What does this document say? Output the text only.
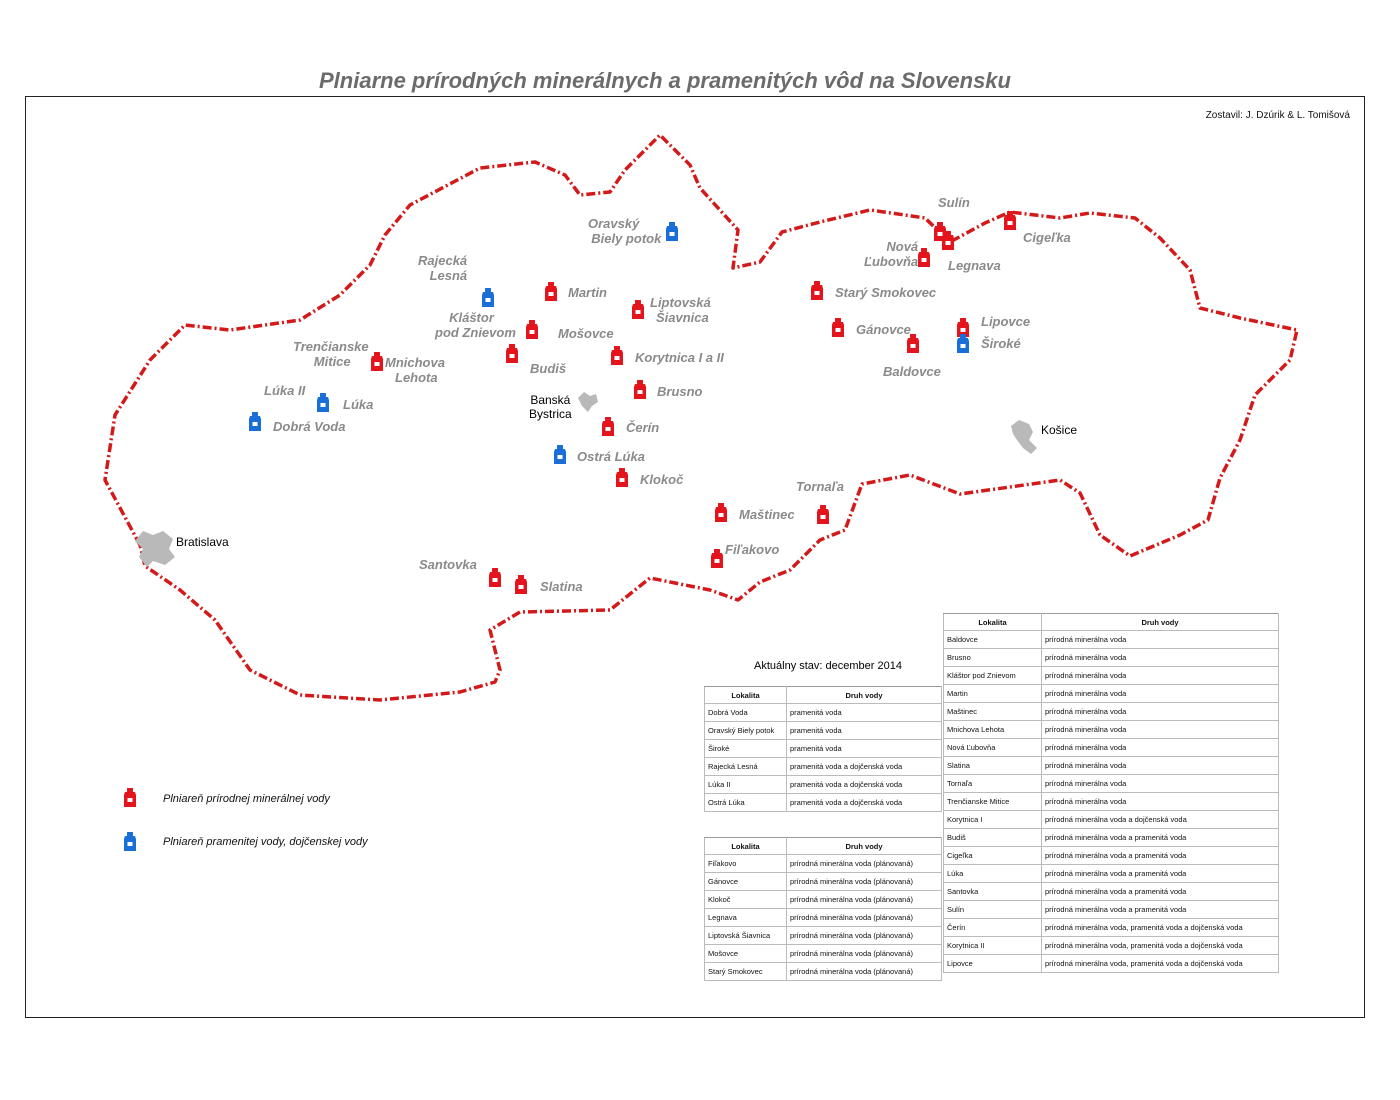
Plniarne prírodných minerálnych a pramenitých vôd na Slovensku
Zostavil: J. Dzúrik & L. Tomišová
Oravský
Biely potok
Rajecká
Lesná
Martin
Liptovská
Šiavnica
Kláštor
pod Znievom	Mošovce
Trenčianske
Mitice	Mnichova
Lehota
Budiš
Korytnica I a II
Brusno
Lúka II
Lúka
Dobrá Voda	Čerín
Ostrá Lúka
Klokoč
Sulín
Cigeľka
Nová
Ľubovňa Legnava
Starý Smokovec
Gánovce
Lipovce
Široké
Baldovce
Tornaľa
Maštinec
Fiľakovo
Santovka
Slatina
Bratislava
Banská
Bystrica
Košice
Aktuálny stav: december 2014
Lokalita	Druh vody
Dobrá Voda	pramenitá voda
Oravský Biely potok	pramenitá voda
Široké	pramenitá voda
Rajecká Lesná	pramenitá voda a dojčenská voda
Lúka II	pramenitá voda a dojčenská voda
Ostrá Lúka	pramenitá voda a dojčenská voda
Lokalita	Druh vody
Fiľakovo	prírodná minerálna voda (plánovaná)
Gánovce	prírodná minerálna voda (plánovaná)
Klokoč	prírodná minerálna voda (plánovaná)
Legnava	prírodná minerálna voda (plánovaná)
Liptovská Šiavnica	prírodná minerálna voda (plánovaná)
Mošovce	prírodná minerálna voda (plánovaná)
Starý Smokovec	prírodná minerálna voda (plánovaná)
Lokalita	Druh vody
Baldovce	prírodná minerálna voda
Brusno	prírodná minerálna voda
Kláštor pod Znievom	prírodná minerálna voda
Martin	prírodná minerálna voda
Maštinec	prírodná minerálna voda
Mnichova Lehota	prírodná minerálna voda
Nová Ľubovňa	prírodná minerálna voda
Slatina	prírodná minerálna voda
Tornaľa	prírodná minerálna voda
Trenčianske Mitice	prírodná minerálna voda
Korytnica I	prírodná minerálna voda a dojčenská voda
Budiš	prírodná minerálna voda a pramenitá voda
Cigeľka	prírodná minerálna voda a pramenitá voda
Lúka	prírodná minerálna voda a pramenitá voda
Santovka	prírodná minerálna voda a pramenitá voda
Sulín	prírodná minerálna voda a pramenitá voda
Čerín	prírodná minerálna voda, pramenitá voda a dojčenská voda
Korytnica II	prírodná minerálna voda, pramenitá voda a dojčenská voda
Lipovce	prírodná minerálna voda, pramenitá voda a dojčenská voda
Plniareň prírodnej minerálnej vody
Plniareň pramenitej vody, dojčenskej vody
